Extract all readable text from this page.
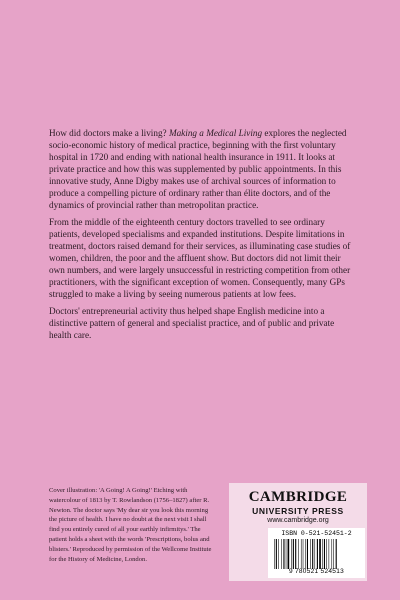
How did doctors make a living? Making a Medical Living explores the neglected socio-economic history of medical practice, beginning with the first voluntary hospital in 1720 and ending with national health insurance in 1911. It looks at private practice and how this was supplemented by public appointments. In this innovative study, Anne Digby makes use of archival sources of information to produce a compelling picture of ordinary rather than élite doctors, and of the dynamics of provincial rather than metropolitan practice.

From the middle of the eighteenth century doctors travelled to see ordinary patients, developed specialisms and expanded institutions. Despite limitations in treatment, doctors raised demand for their services, as illuminating case studies of women, children, the poor and the affluent show. But doctors did not limit their own numbers, and were largely unsuccessful in restricting competition from other practitioners, with the significant exception of women. Consequently, many GPs struggled to make a living by seeing numerous patients at low fees.

Doctors' entrepreneurial activity thus helped shape English medicine into a distinctive pattern of general and specialist practice, and of public and private health care.

Cover illustration: 'A Going! A Going!' Etching with watercolour of 1813 by T. Rowlandson (1756–1827) after R. Newton. The doctor says 'My dear sir you look this morning the picture of health. I have no doubt at the next visit I shall find you entirely cured of all your earthly infirmitys.' The patient holds a sheet with the words 'Prescriptions, bolus and blisters.' Reproduced by permission of the Wellcome Institute for the History of Medicine, London.
CAMBRIDGE
UNIVERSITY PRESS
www.cambridge.org
ISBN 0-521-52451-2
9 780521 524513
